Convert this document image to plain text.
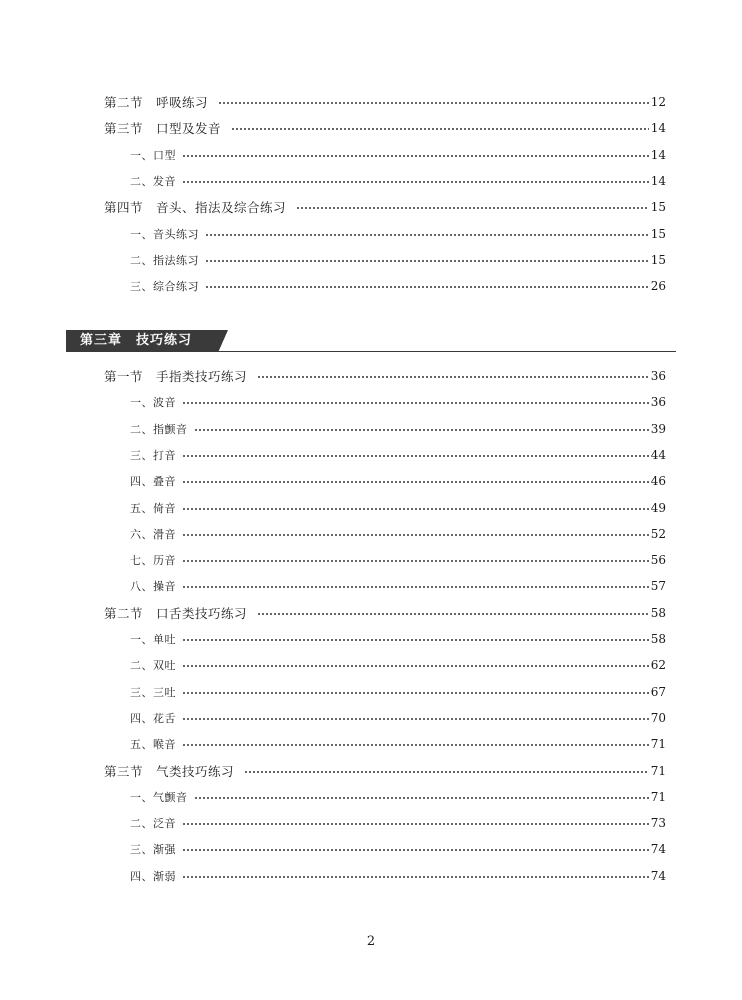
第二节　呼吸练习	12
第三节　口型及发音	14
一、口型	14
二、发音	14
第四节　音头、指法及综合练习	15
一、音头练习	15
二、指法练习	15
三、综合练习	26
第三章　技巧练习
第一节　手指类技巧练习	36
一、波音	36
二、指颤音	39
三、打音	44
四、叠音	46
五、倚音	49
六、滑音	52
七、历音	56
八、操音	57
第二节　口舌类技巧练习	58
一、单吐	58
二、双吐	62
三、三吐	67
四、花舌	70
五、喉音	71
第三节　气类技巧练习	71
一、气颤音	71
二、泛音	73
三、渐强	74
四、渐弱	74
2
